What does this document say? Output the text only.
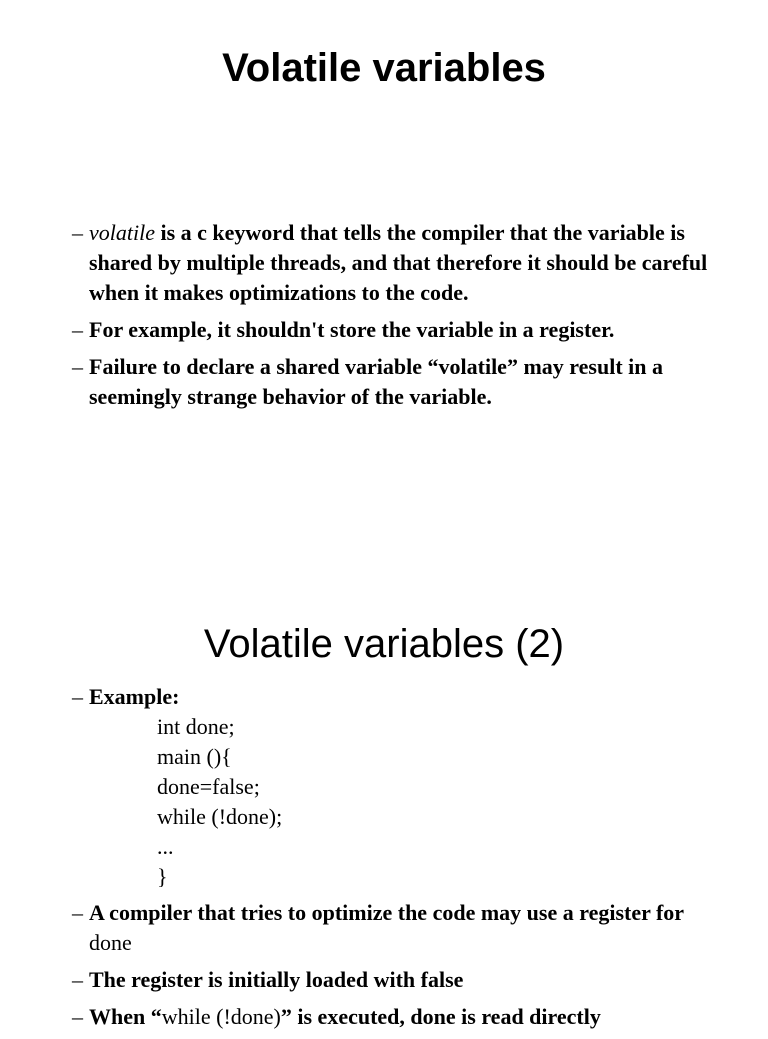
Volatile variables
– volatile is a c keyword that tells the compiler that the variable is shared by multiple threads, and that therefore it should be careful when it makes optimizations to the code.
– For example, it shouldn't store the variable in a register.
– Failure to declare a shared variable “volatile” may result in a seemingly strange behavior of the variable.
Volatile variables (2)
– Example:
int done;
main (){
done=false;
while (!done);
...
}
– A compiler that tries to optimize the code may use a register for done
– The register is initially loaded with false
– When “while (!done)” is executed, done is read directly
